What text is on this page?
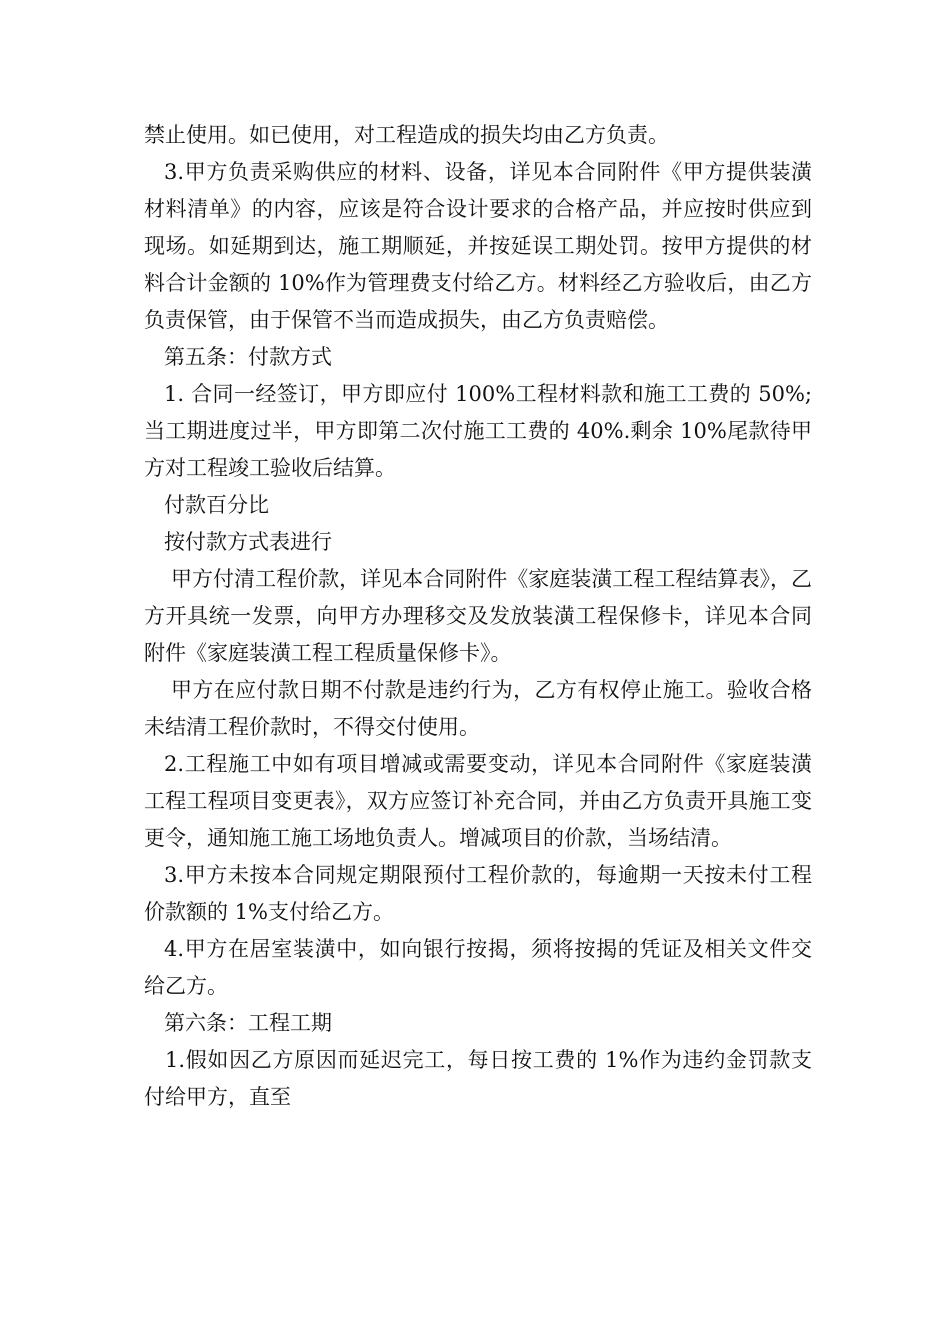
禁止使用。如已使用，对工程造成的损失均由乙方负责。

3.甲方负责采购供应的材料、设备，详见本合同附件《甲方提供装潢材料清单》的内容，应该是符合设计要求的合格产品，并应按时供应到现场。如延期到达，施工期顺延，并按延误工期处罚。按甲方提供的材料合计金额的 10%作为管理费支付给乙方。材料经乙方验收后，由乙方负责保管，由于保管不当而造成损失，由乙方负责赔偿。

第五条：付款方式

1. 合同一经签订，甲方即应付 100%工程材料款和施工工费的 50%;当工期进度过半，甲方即第二次付施工工费的 40%.剩余 10%尾款待甲方对工程竣工验收后结算。

付款百分比

按付款方式表进行

甲方付清工程价款，详见本合同附件《家庭装潢工程工程结算表》，乙方开具统一发票，向甲方办理移交及发放装潢工程保修卡，详见本合同附件《家庭装潢工程工程质量保修卡》。

甲方在应付款日期不付款是违约行为，乙方有权停止施工。验收合格未结清工程价款时，不得交付使用。

2.工程施工中如有项目增减或需要变动，详见本合同附件《家庭装潢工程工程项目变更表》，双方应签订补充合同，并由乙方负责开具施工变更令，通知施工施工场地负责人。增减项目的价款，当场结清。

3.甲方未按本合同规定期限预付工程价款的，每逾期一天按未付工程价款额的 1%支付给乙方。

4.甲方在居室装潢中，如向银行按揭，须将按揭的凭证及相关文件交给乙方。

第六条：工程工期

1.假如因乙方原因而延迟完工，每日按工费的 1%作为违约金罚款支付给甲方，直至
